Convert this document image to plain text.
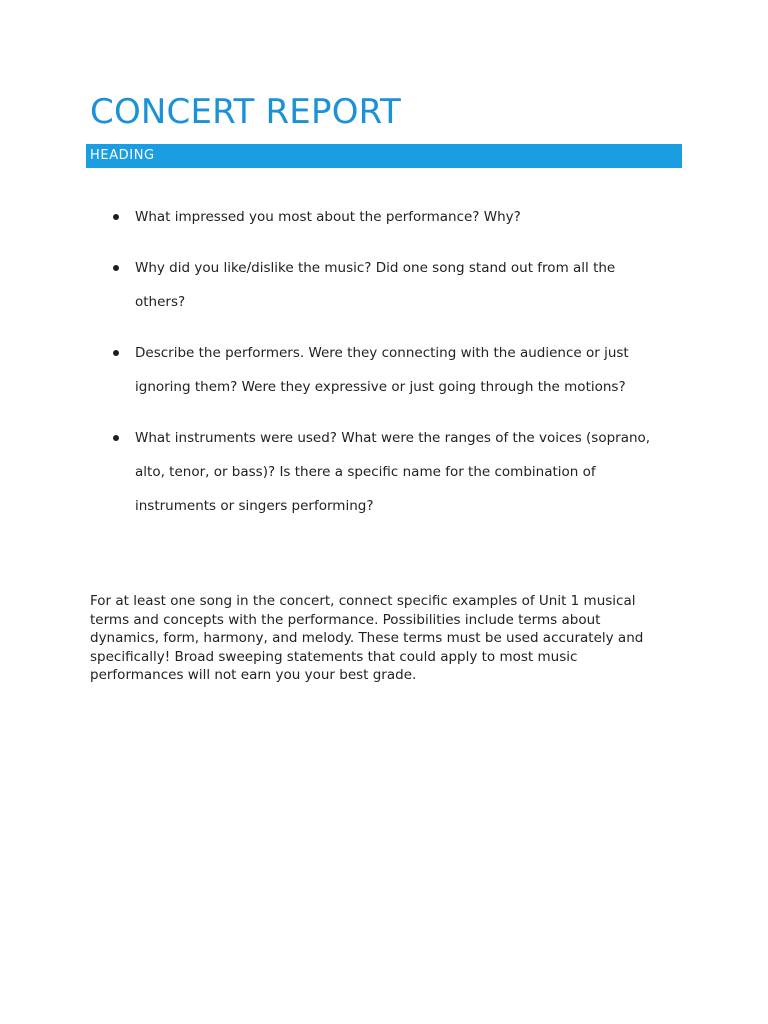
CONCERT REPORT
HEADING
What impressed you most about the performance? Why?
Why did you like/dislike the music? Did one song stand out from all the others?
Describe the performers. Were they connecting with the audience or just ignoring them? Were they expressive or just going through the motions?
What instruments were used? What were the ranges of the voices (soprano, alto, tenor, or bass)? Is there a specific name for the combination of instruments or singers performing?

For at least one song in the concert, connect specific examples of Unit 1 musical terms and concepts with the performance. Possibilities include terms about dynamics, form, harmony, and melody. These terms must be used accurately and specifically! Broad sweeping statements that could apply to most music performances will not earn you your best grade.
